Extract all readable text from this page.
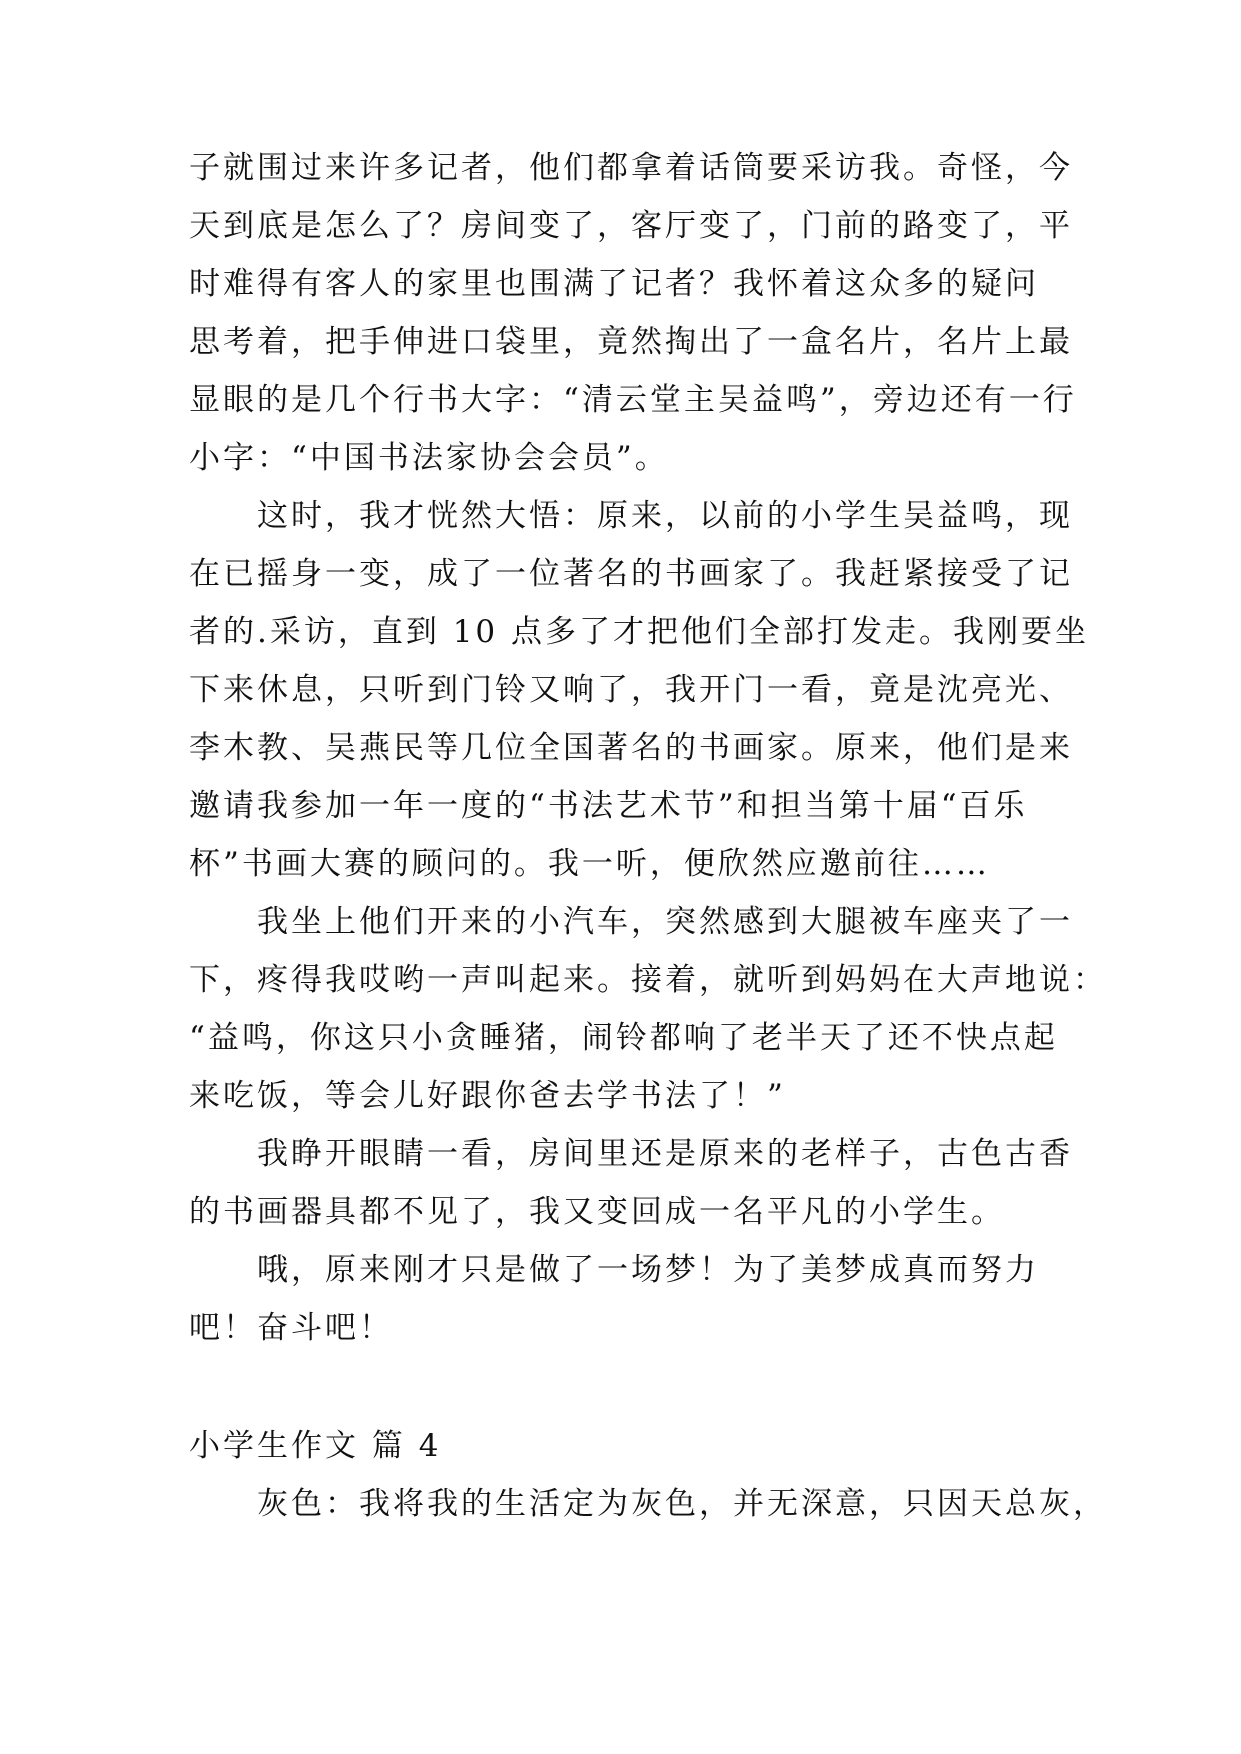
子就围过来许多记者，他们都拿着话筒要采访我。奇怪，今
天到底是怎么了？房间变了，客厅变了，门前的路变了，平
时难得有客人的家里也围满了记者？我怀着这众多的疑问
思考着，把手伸进口袋里，竟然掏出了一盒名片，名片上最
显眼的是几个行书大字：“清云堂主吴益鸣”，旁边还有一行
小字：“中国书法家协会会员”。
这时，我才恍然大悟：原来，以前的小学生吴益鸣，现
在已摇身一变，成了一位著名的书画家了。我赶紧接受了记
者的.采访，直到 10 点多了才把他们全部打发走。我刚要坐
下来休息，只听到门铃又响了，我开门一看，竟是沈亮光、
李木教、吴燕民等几位全国著名的书画家。原来，他们是来
邀请我参加一年一度的“书法艺术节”和担当第十届“百乐
杯”书画大赛的顾问的。我一听，便欣然应邀前往……
我坐上他们开来的小汽车，突然感到大腿被车座夹了一
下，疼得我哎哟一声叫起来。接着，就听到妈妈在大声地说：
“益鸣，你这只小贪睡猪，闹铃都响了老半天了还不快点起
来吃饭，等会儿好跟你爸去学书法了！”
我睁开眼睛一看，房间里还是原来的老样子，古色古香
的书画器具都不见了，我又变回成一名平凡的小学生。
哦，原来刚才只是做了一场梦！为了美梦成真而努力
吧！奋斗吧！
小学生作文 篇 4
灰色：我将我的生活定为灰色，并无深意，只因天总灰，
